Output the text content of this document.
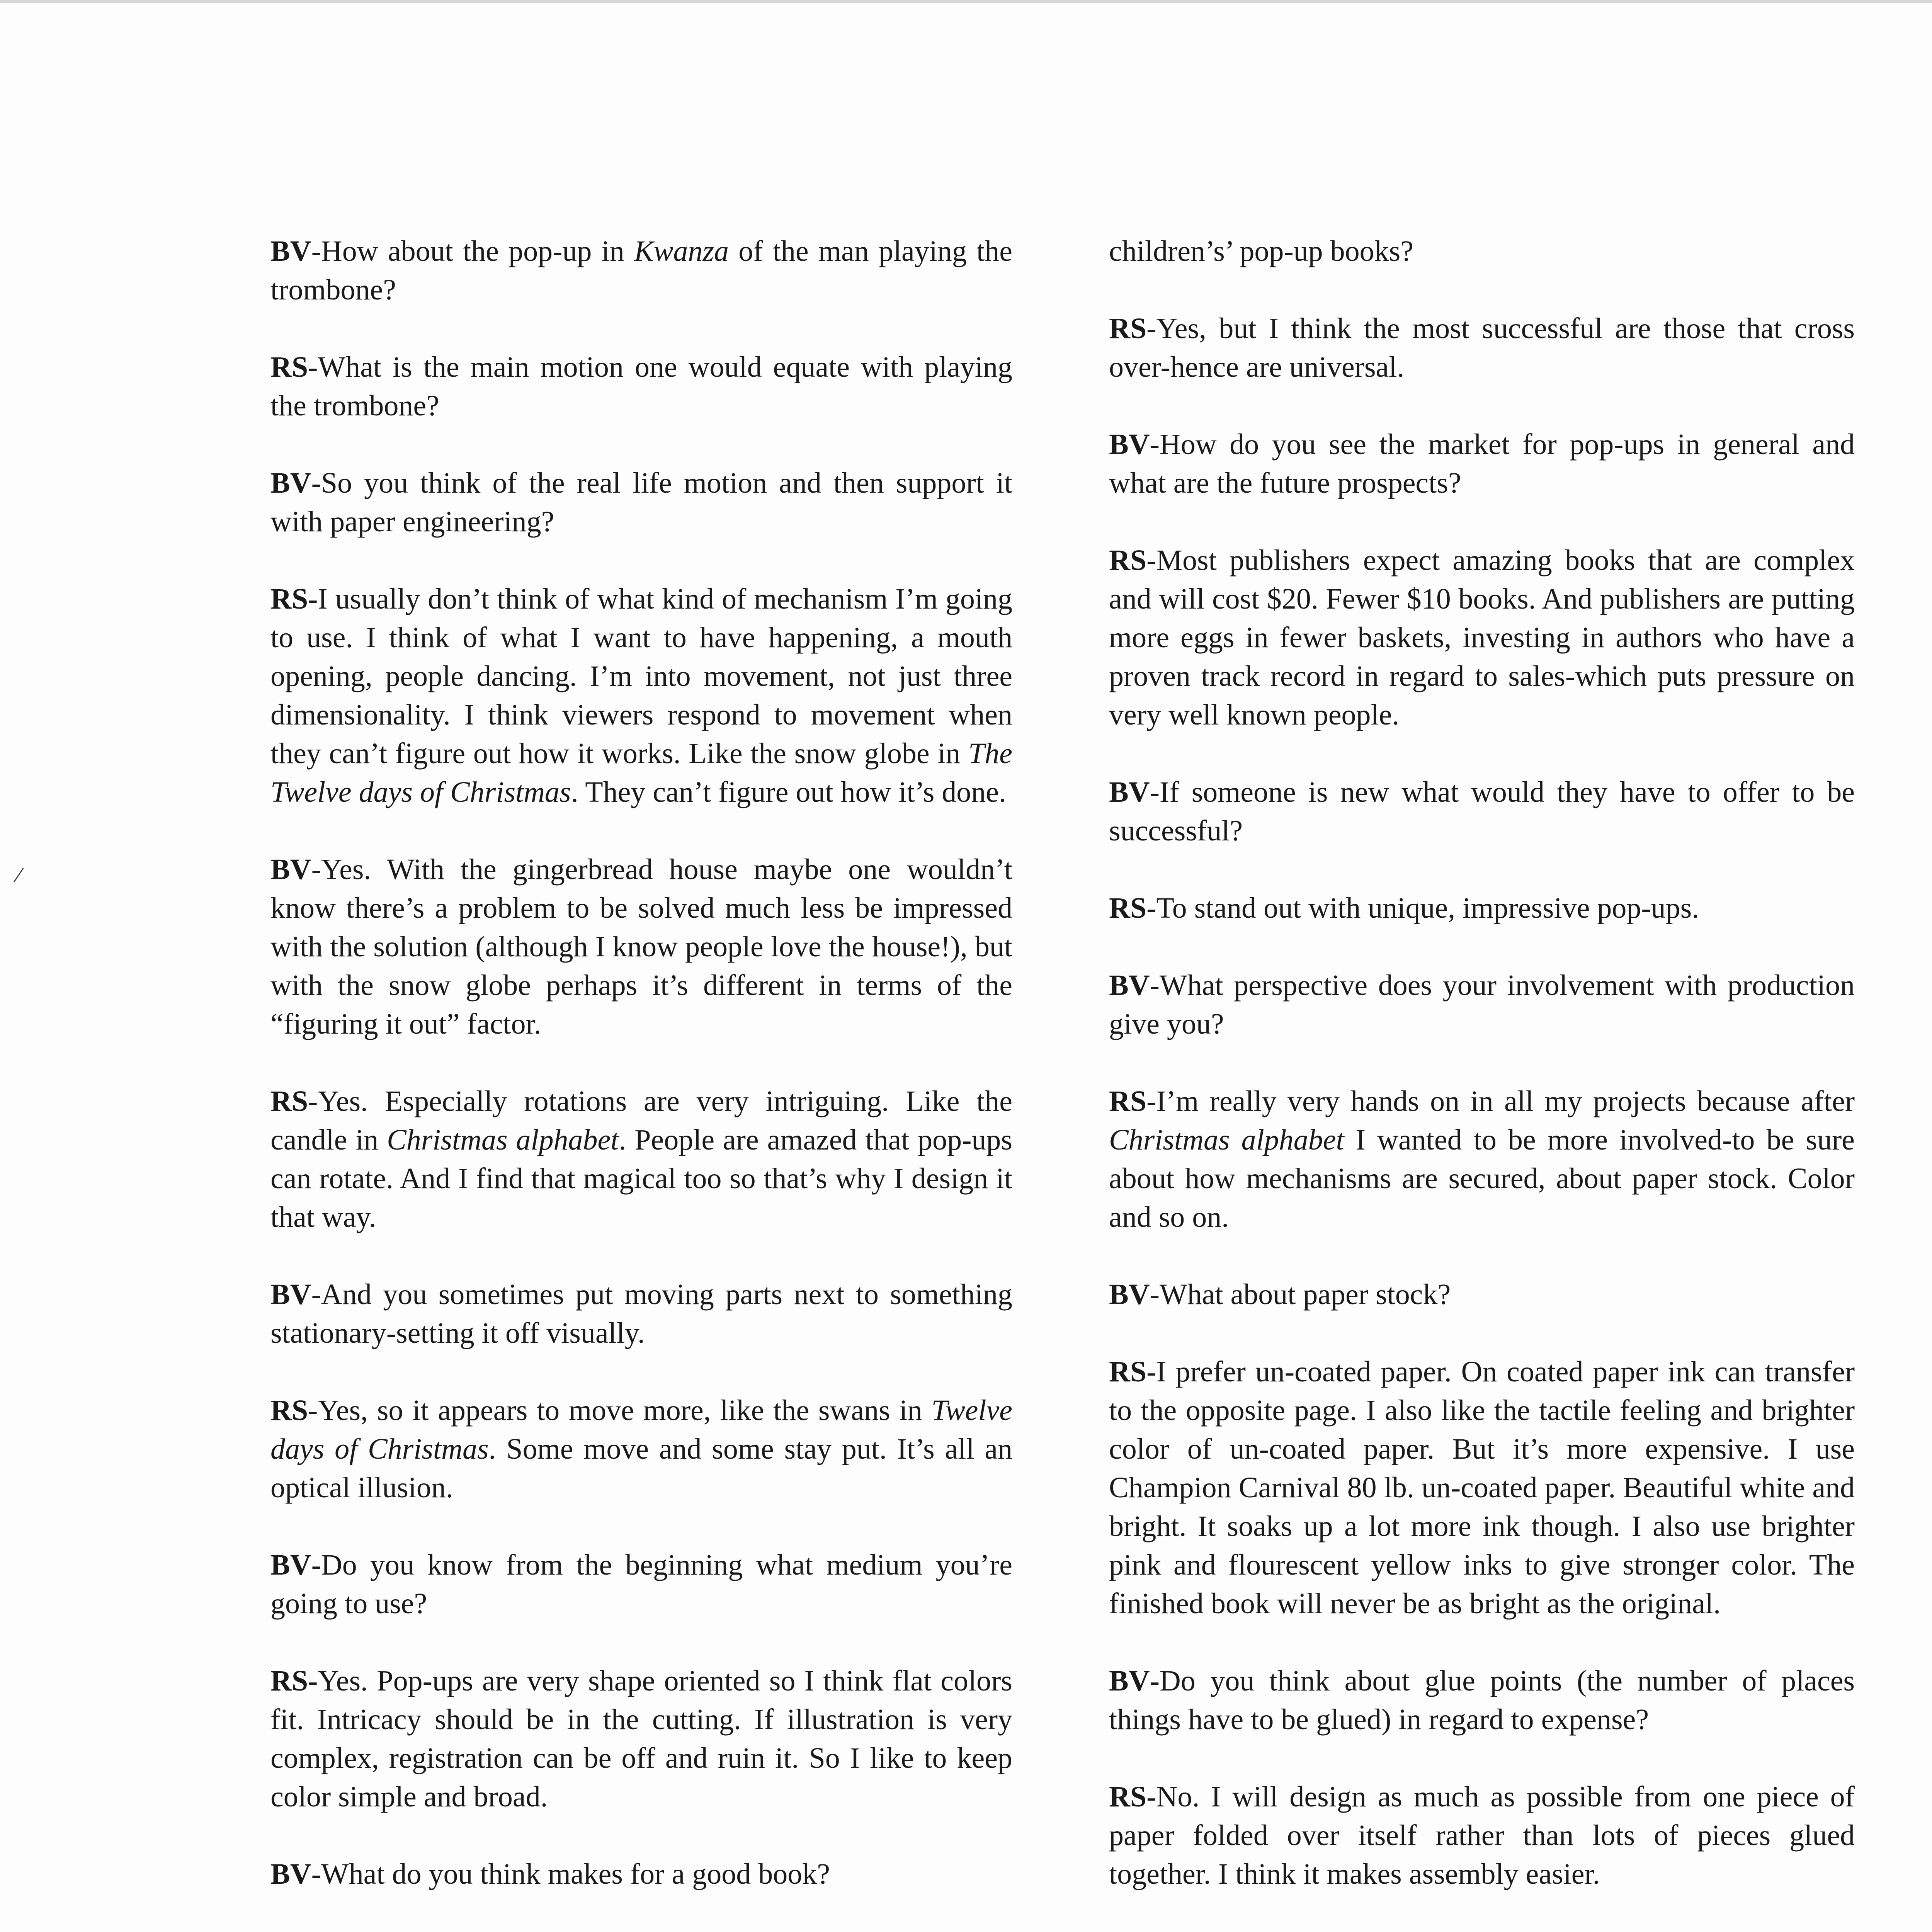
/

BV-How about the pop-up in Kwanza of the man playing the trombone?

RS-What is the main motion one would equate with playing the trombone?

BV-So you think of the real life motion and then support it with paper engineering?

RS-I usually don’t think of what kind of mechanism I’m going to use. I think of what I want to have happening, a mouth opening, people dancing. I’m into movement, not just three dimensionality. I think viewers respond to movement when they can’t figure out how it works. Like the snow globe in The Twelve days of Christmas. They can’t figure out how it’s done.

BV-Yes. With the gingerbread house maybe one wouldn’t know there’s a problem to be solved much less be impressed with the solution (although I know people love the house!), but with the snow globe perhaps it’s different in terms of the “figuring it out” factor.

RS-Yes. Especially rotations are very intriguing. Like the candle in Christmas alphabet. People are amazed that pop-ups can rotate. And I find that magical too so that’s why I design it that way.

BV-And you sometimes put moving parts next to something stationary-setting it off visually.

RS-Yes, so it appears to move more, like the swans in Twelve days of Christmas. Some move and some stay put. It’s all an optical illusion.

BV-Do you know from the beginning what medium you’re going to use?

RS-Yes. Pop-ups are very shape oriented so I think flat colors fit. Intricacy should be in the cutting. If illustration is very complex, registration can be off and ruin it. So I like to keep color simple and broad.

BV-What do you think makes for a good book?

children’s’ pop-up books?

RS-Yes, but I think the most successful are those that cross over-hence are universal.

BV-How do you see the market for pop-ups in general and what are the future prospects?

RS-Most publishers expect amazing books that are complex and will cost $20. Fewer $10 books. And publishers are putting more eggs in fewer baskets, investing in authors who have a proven track record in regard to sales-which puts pressure on very well known people.

BV-If someone is new what would they have to offer to be successful?

RS-To stand out with unique, impressive pop-ups.

BV-What perspective does your involvement with production give you?

RS-I’m really very hands on in all my projects because after Christmas alphabet I wanted to be more involved-to be sure about how mechanisms are secured, about paper stock. Color and so on.

BV-What about paper stock?

RS-I prefer un-coated paper. On coated paper ink can transfer to the opposite page. I also like the tactile feeling and brighter color of un-coated paper. But it’s more expensive. I use Champion Carnival 80 lb. un-coated paper. Beautiful white and bright. It soaks up a lot more ink though. I also use brighter pink and flourescent yellow inks to give stronger color. The finished book will never be as bright as the original.

BV-Do you think about glue points (the number of places things have to be glued) in regard to expense?

RS-No. I will design as much as possible from one piece of paper folded over itself rather than lots of pieces glued together. I think it makes assembly easier.
